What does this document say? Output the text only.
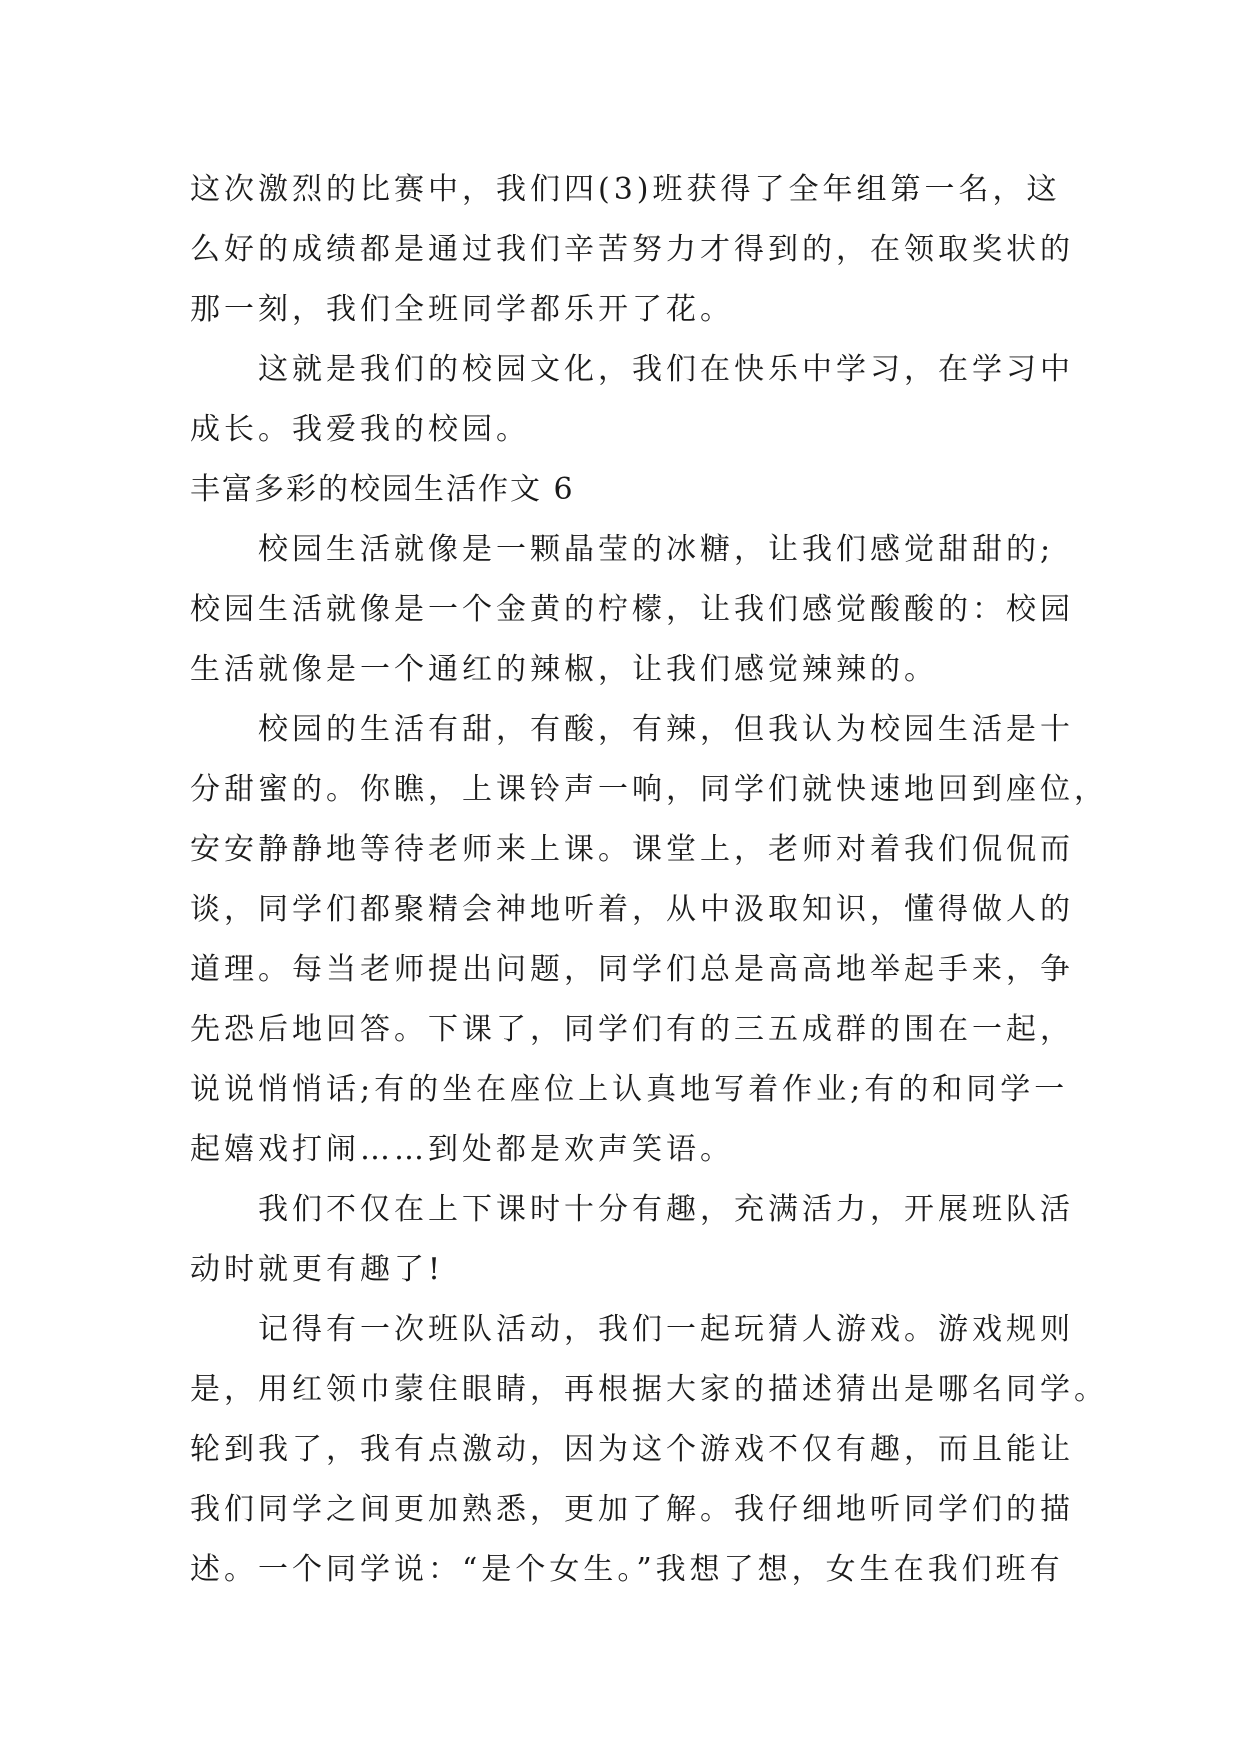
这次激烈的比赛中，我们四(3)班获得了全年组第一名，这
么好的成绩都是通过我们辛苦努力才得到的，在领取奖状的
那一刻，我们全班同学都乐开了花。

这就是我们的校园文化，我们在快乐中学习，在学习中
成长。我爱我的校园。

丰富多彩的校园生活作文 6

校园生活就像是一颗晶莹的冰糖，让我们感觉甜甜的;
校园生活就像是一个金黄的柠檬，让我们感觉酸酸的：校园
生活就像是一个通红的辣椒，让我们感觉辣辣的。

校园的生活有甜，有酸，有辣，但我认为校园生活是十
分甜蜜的。你瞧，上课铃声一响，同学们就快速地回到座位，
安安静静地等待老师来上课。课堂上，老师对着我们侃侃而
谈，同学们都聚精会神地听着，从中汲取知识，懂得做人的
道理。每当老师提出问题，同学们总是高高地举起手来，争
先恐后地回答。下课了，同学们有的三五成群的围在一起，
说说悄悄话;有的坐在座位上认真地写着作业;有的和同学一
起嬉戏打闹……到处都是欢声笑语。

我们不仅在上下课时十分有趣，充满活力，开展班队活
动时就更有趣了!

记得有一次班队活动，我们一起玩猜人游戏。游戏规则
是，用红领巾蒙住眼睛，再根据大家的描述猜出是哪名同学。
轮到我了，我有点激动，因为这个游戏不仅有趣，而且能让
我们同学之间更加熟悉，更加了解。我仔细地听同学们的描
述。一个同学说：“是个女生。”我想了想，女生在我们班有
